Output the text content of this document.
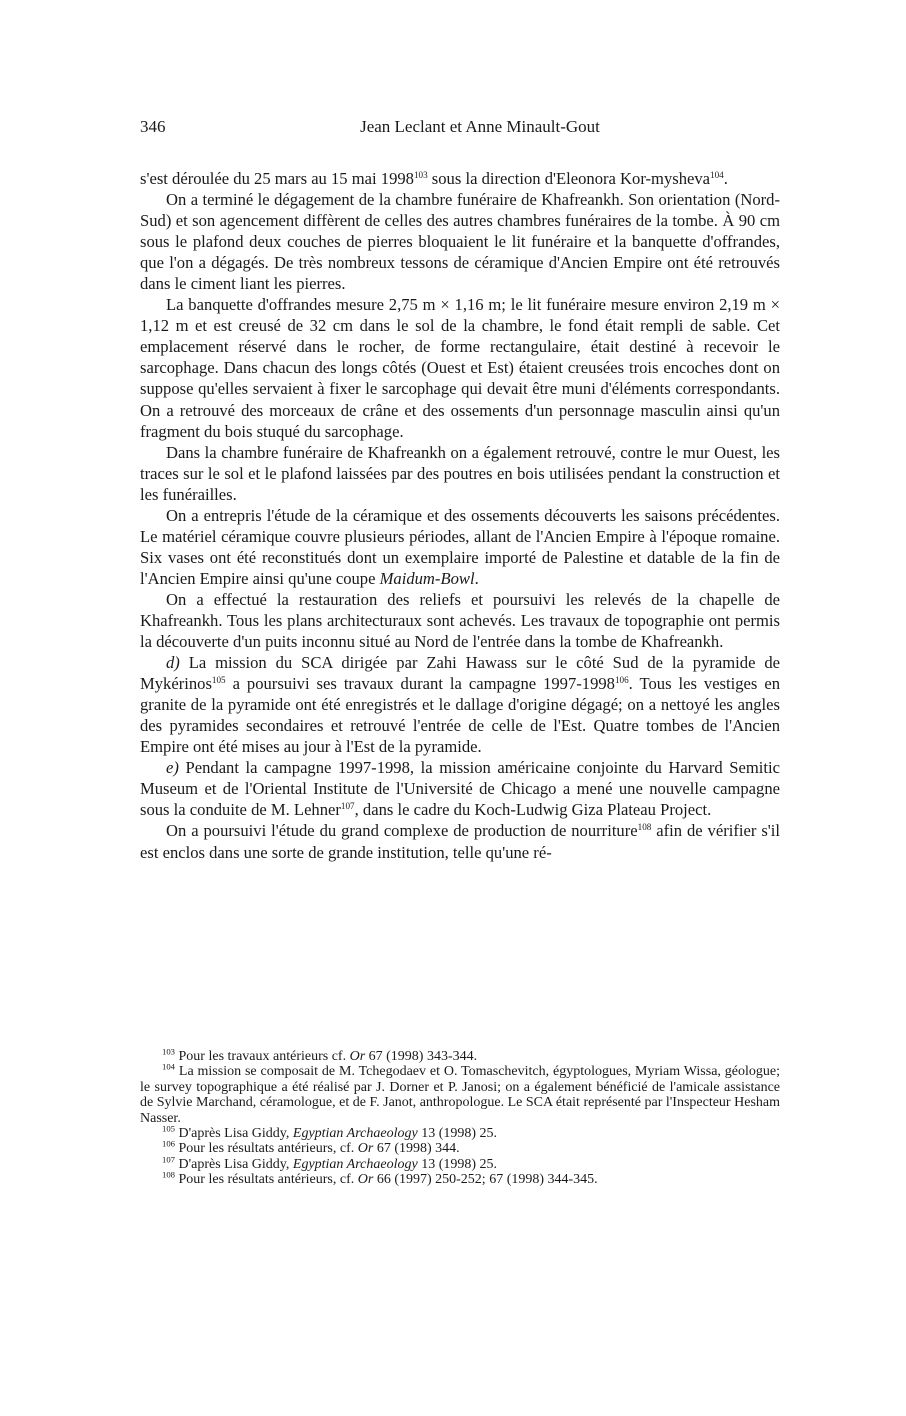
346	Jean Leclant et Anne Minault-Gout

s'est déroulée du 25 mars au 15 mai 1998$^{103}$ sous la direction d'Eleonora Kor-mysheva$^{104}$.

On a terminé le dégagement de la chambre funéraire de Khafreankh. Son orientation (Nord-Sud) et son agencement diffèrent de celles des autres chambres funéraires de la tombe. À 90 cm sous le plafond deux couches de pierres bloquaient le lit funéraire et la banquette d'offrandes, que l'on a dégagés. De très nombreux tessons de céramique d'Ancien Empire ont été retrouvés dans le ciment liant les pierres.

La banquette d'offrandes mesure 2,75 m × 1,16 m; le lit funéraire mesure environ 2,19 m × 1,12 m et est creusé de 32 cm dans le sol de la chambre, le fond était rempli de sable. Cet emplacement réservé dans le rocher, de forme rectangulaire, était destiné à recevoir le sarcophage. Dans chacun des longs côtés (Ouest et Est) étaient creusées trois encoches dont on suppose qu'elles servaient à fixer le sarcophage qui devait être muni d'éléments correspondants. On a retrouvé des morceaux de crâne et des ossements d'un personnage masculin ainsi qu'un fragment du bois stuqué du sarcophage.

Dans la chambre funéraire de Khafreankh on a également retrouvé, contre le mur Ouest, les traces sur le sol et le plafond laissées par des poutres en bois utilisées pendant la construction et les funérailles.

On a entrepris l'étude de la céramique et des ossements découverts les saisons précédentes. Le matériel céramique couvre plusieurs périodes, allant de l'Ancien Empire à l'époque romaine. Six vases ont été reconstitués dont un exemplaire importé de Palestine et datable de la fin de l'Ancien Empire ainsi qu'une coupe Maidum-Bowl.

On a effectué la restauration des reliefs et poursuivi les relevés de la chapelle de Khafreankh. Tous les plans architecturaux sont achevés. Les travaux de topographie ont permis la découverte d'un puits inconnu situé au Nord de l'entrée dans la tombe de Khafreankh.

d) La mission du SCA dirigée par Zahi Hawass sur le côté Sud de la pyramide de Mykérinos$^{105}$ a poursuivi ses travaux durant la campagne 1997-1998$^{106}$. Tous les vestiges en granite de la pyramide ont été enregistrés et le dallage d'origine dégagé; on a nettoyé les angles des pyramides secondaires et retrouvé l'entrée de celle de l'Est. Quatre tombes de l'Ancien Empire ont été mises au jour à l'Est de la pyramide.

e) Pendant la campagne 1997-1998, la mission américaine conjointe du Harvard Semitic Museum et de l'Oriental Institute de l'Université de Chicago a mené une nouvelle campagne sous la conduite de M. Lehner$^{107}$, dans le cadre du Koch-Ludwig Giza Plateau Project.

On a poursuivi l'étude du grand complexe de production de nourriture$^{108}$ afin de vérifier s'il est enclos dans une sorte de grande institution, telle qu'une ré-

$^{103}$ Pour les travaux antérieurs cf. Or 67 (1998) 343-344.

$^{104}$ La mission se composait de M. Tchegodaev et O. Tomaschevitch, égyptologues, Myriam Wissa, géologue; le survey topographique a été réalisé par J. Dorner et P. Janosi; on a également bénéficié de l'amicale assistance de Sylvie Marchand, céramologue, et de F. Janot, anthropologue. Le SCA était représenté par l'Inspecteur Hesham Nasser.

$^{105}$ D'après Lisa Giddy, Egyptian Archaeology 13 (1998) 25.

$^{106}$ Pour les résultats antérieurs, cf. Or 67 (1998) 344.

$^{107}$ D'après Lisa Giddy, Egyptian Archaeology 13 (1998) 25.

$^{108}$ Pour les résultats antérieurs, cf. Or 66 (1997) 250-252; 67 (1998) 344-345.
